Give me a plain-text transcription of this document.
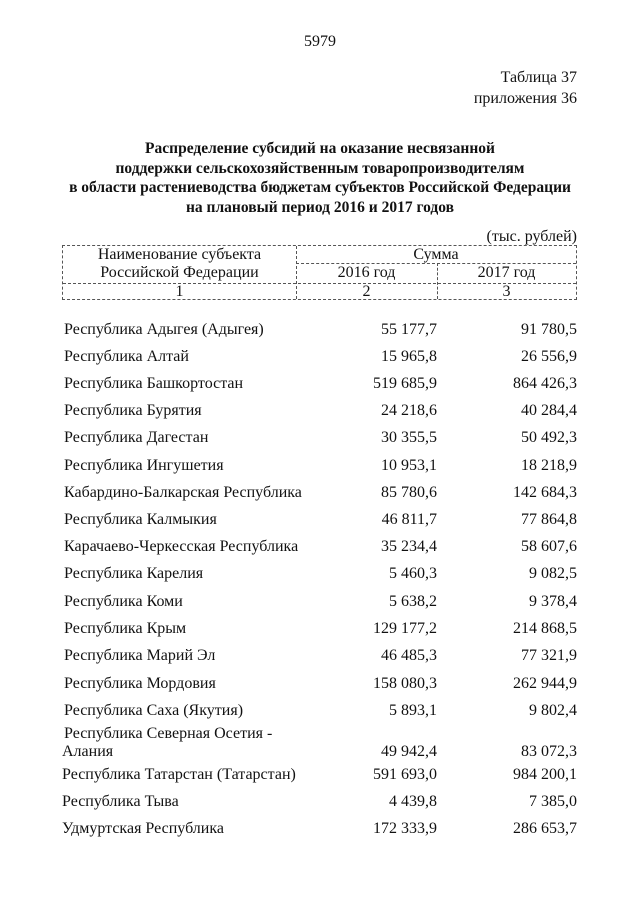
5979
Таблица 37
приложения 36
Распределение субсидий на оказание несвязанной
поддержки сельскохозяйственным товаропроизводителям
в области растениеводства бюджетам субъектов Российской Федерации
на плановый период 2016 и 2017 годов
(тыс. рублей)
Наименование субъекта
Российской Федерации
Сумма
2016 год	2017 год
1	2	3
Республика Адыгея (Адыгея)	55 177,7	91 780,5
Республика Алтай	15 965,8	26 556,9
Республика Башкортостан	519 685,9	864 426,3
Республика Бурятия	24 218,6	40 284,4
Республика Дагестан	30 355,5	50 492,3
Республика Ингушетия	10 953,1	18 218,9
Кабардино-Балкарская Республика	85 780,6	142 684,3
Республика Калмыкия	46 811,7	77 864,8
Карачаево-Черкесская Республика	35 234,4	58 607,6
Республика Карелия	5 460,3	9 082,5
Республика Коми	5 638,2	9 378,4
Республика Крым	129 177,2	214 868,5
Республика Марий Эл	46 485,3	77 321,9
Республика Мордовия	158 080,3	262 944,9
Республика Саха (Якутия)	5 893,1	9 802,4
Республика Северная Осетия -
Алания	49 942,4	83 072,3
Республика Татарстан (Татарстан)	591 693,0	984 200,1
Республика Тыва	4 439,8	7 385,0
Удмуртская Республика	172 333,9	286 653,7
